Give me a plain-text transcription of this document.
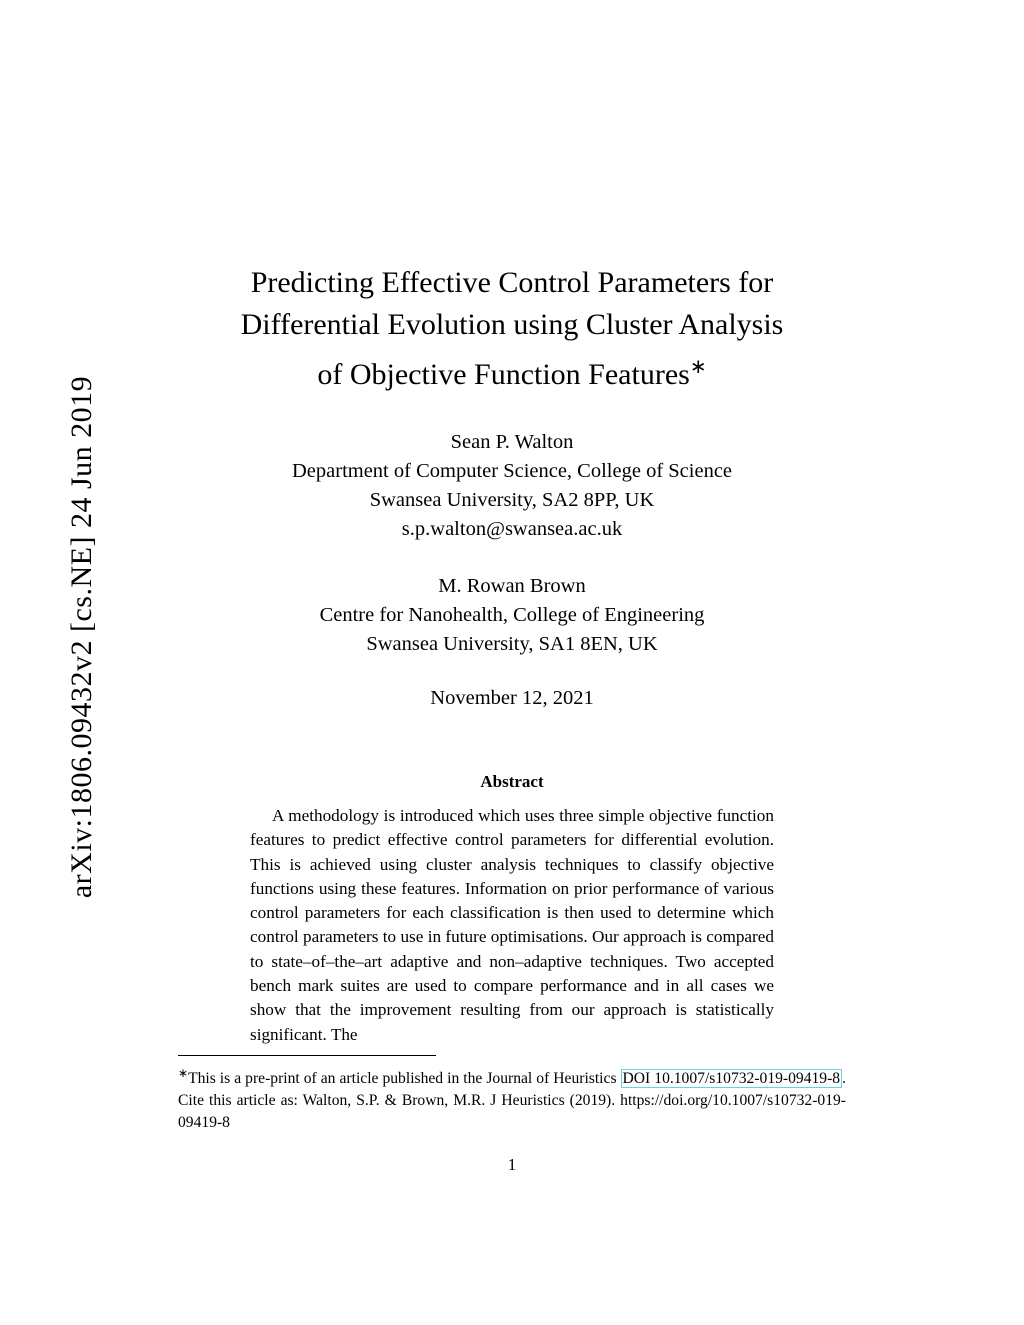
arXiv:1806.09432v2 [cs.NE] 24 Jun 2019
Predicting Effective Control Parameters for
Differential Evolution using Cluster Analysis
of Objective Function Features∗
Sean P. Walton
Department of Computer Science, College of Science
Swansea University, SA2 8PP, UK
s.p.walton@swansea.ac.uk
M. Rowan Brown
Centre for Nanohealth, College of Engineering
Swansea University, SA1 8EN, UK
November 12, 2021
Abstract
A methodology is introduced which uses three simple objective function features to predict effective control parameters for differential evolution. This is achieved using cluster analysis techniques to classify objective functions using these features. Information on prior performance of various control parameters for each classification is then used to determine which control parameters to use in future optimisations. Our approach is compared to state–of–the–art adaptive and non–adaptive techniques. Two accepted bench mark suites are used to compare performance and in all cases we show that the improvement resulting from our approach is statistically significant. The
∗This is a pre-print of an article published in the Journal of Heuristics DOI 10.1007/s10732-019-09419-8 . Cite this article as: Walton, S.P. & Brown, M.R. J Heuristics (2019). https://doi.org/10.1007/s10732-019-09419-8
1
